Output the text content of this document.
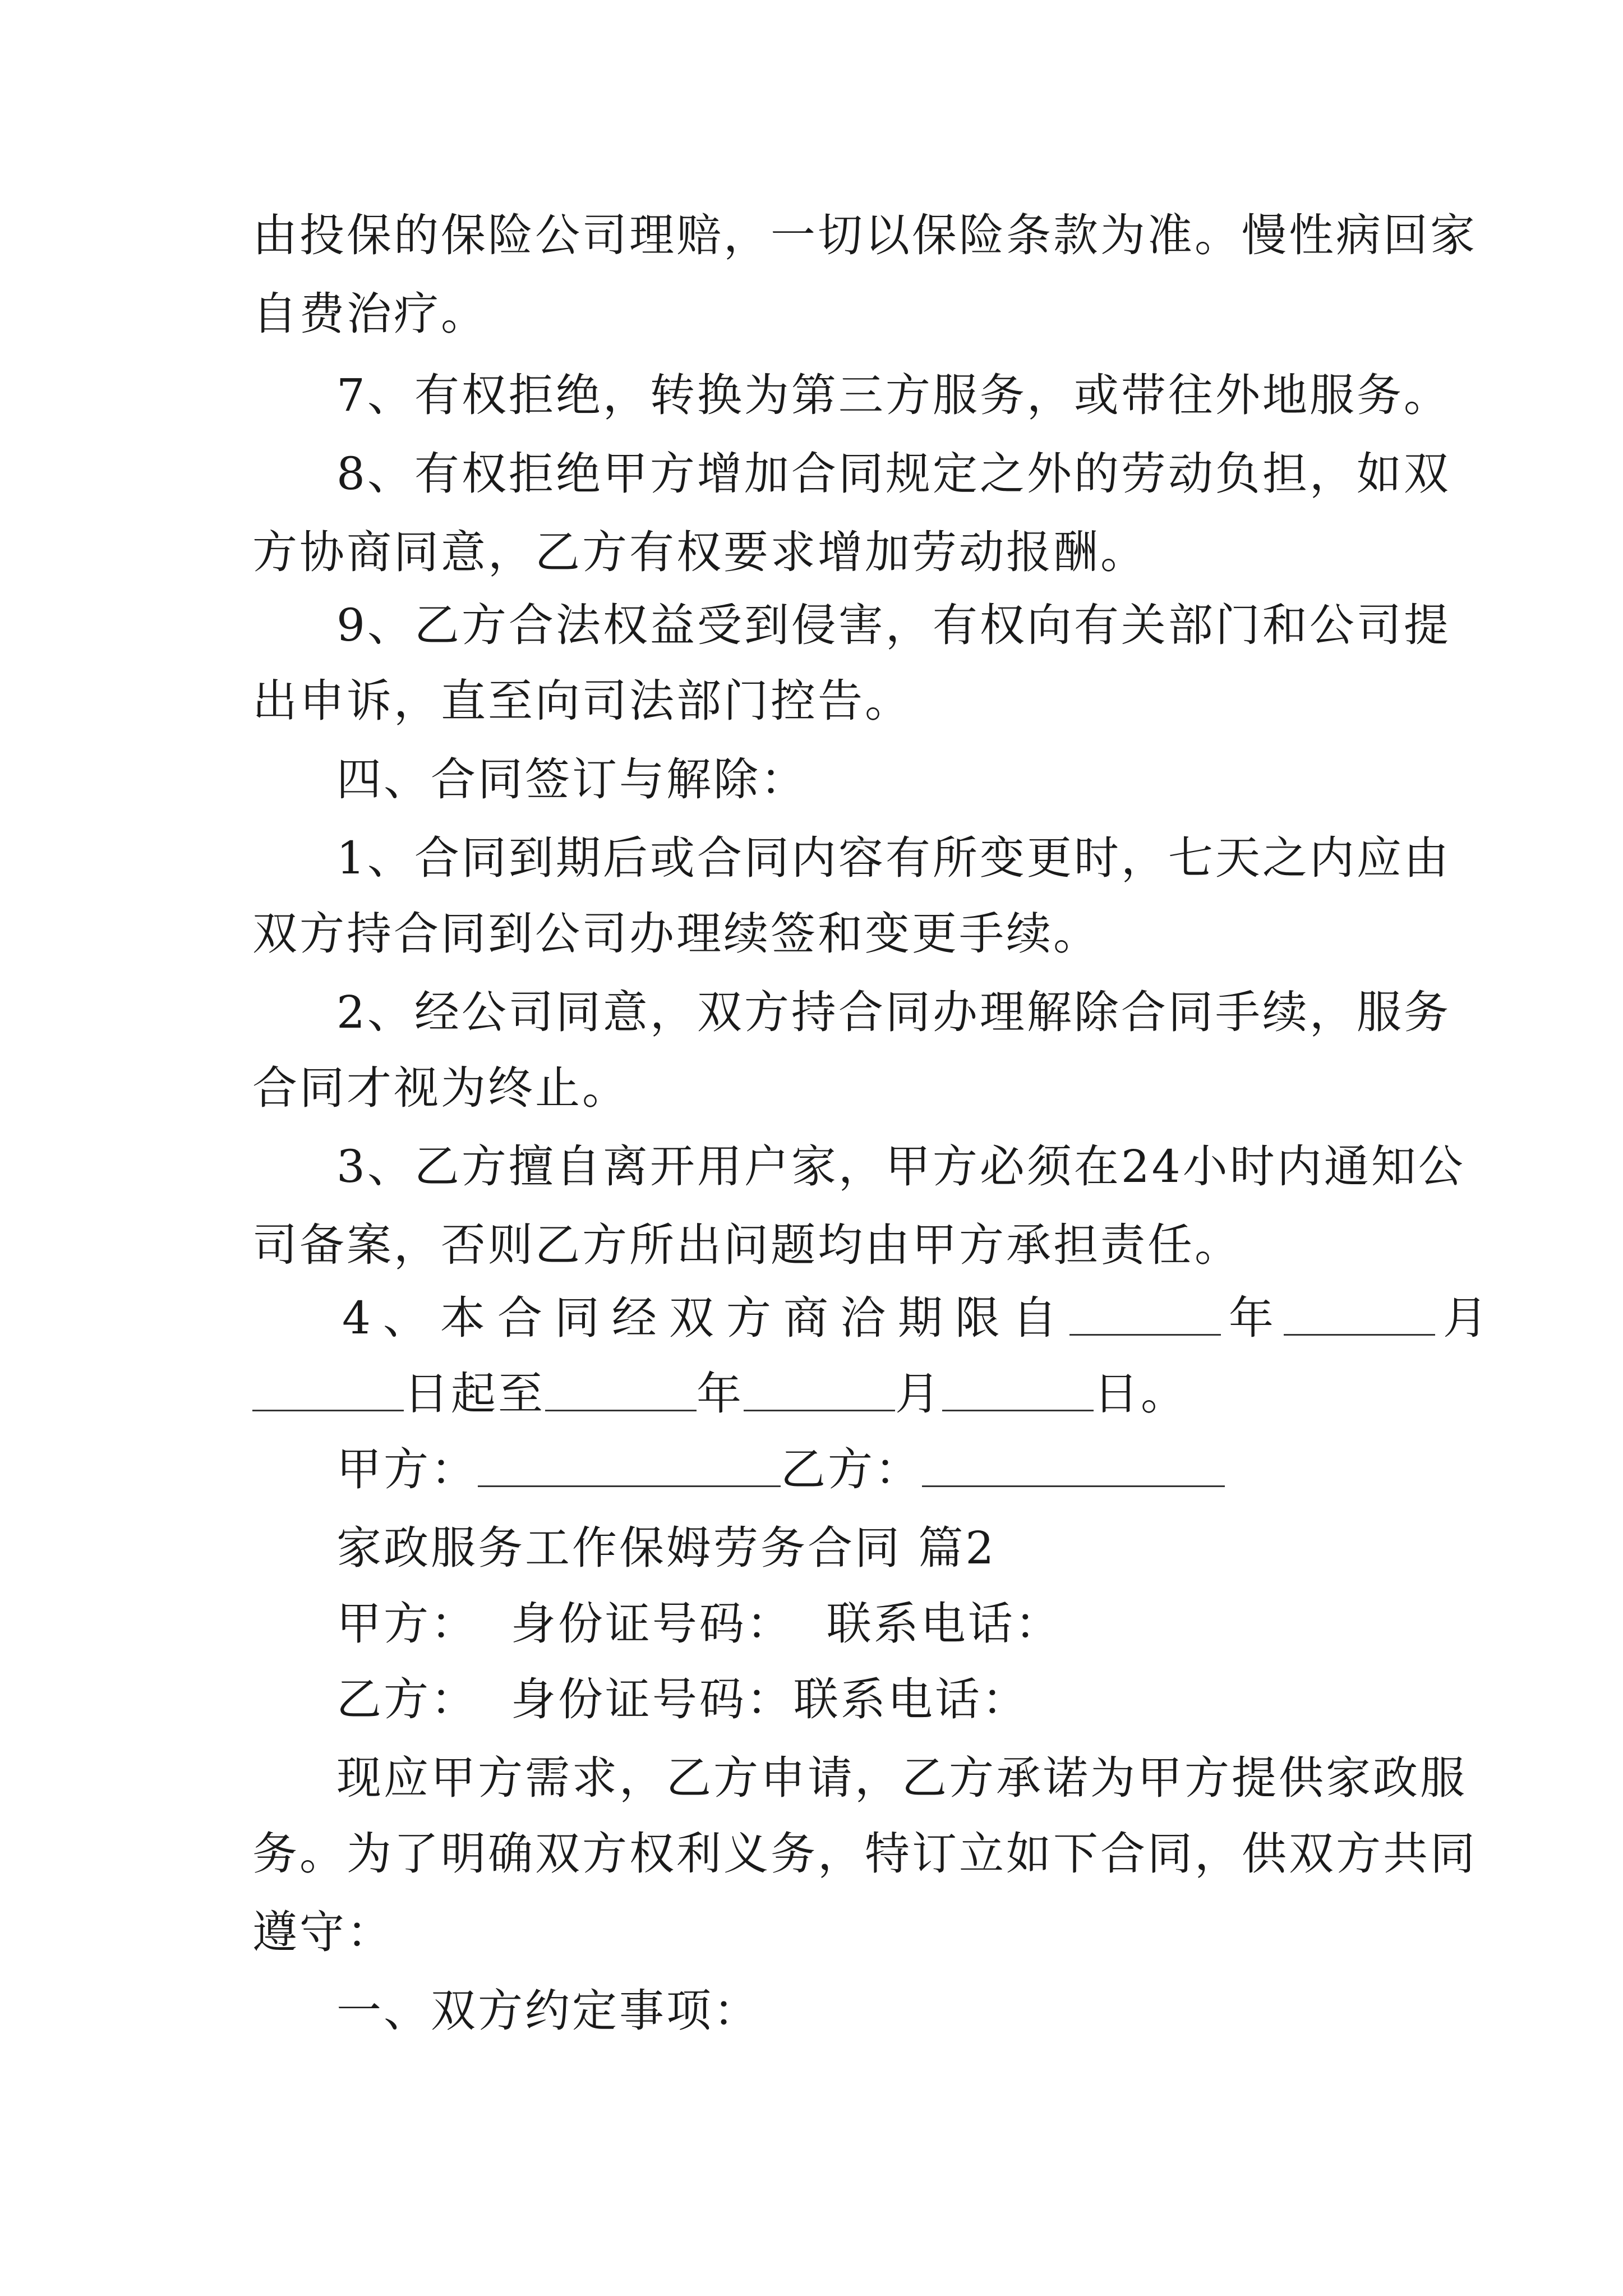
由投保的保险公司理赔，一切以保险条款为准。慢性病回家
自费治疗。
7、有权拒绝，转换为第三方服务，或带往外地服务。
8、有权拒绝甲方增加合同规定之外的劳动负担，如双
方协商同意，乙方有权要求增加劳动报酬。
9、乙方合法权益受到侵害，有权向有关部门和公司提
出申诉，直至向司法部门控告。
四、合同签订与解除：
1、合同到期后或合同内容有所变更时，七天之内应由
双方持合同到公司办理续签和变更手续。
2、经公司同意，双方持合同办理解除合同手续，服务
合同才视为终止。
3、乙方擅自离开用户家，甲方必须在24小时内通知公
司备案，否则乙方所出问题均由甲方承担责任。
4、本合同经双方商洽期限自	年	月
日起至	年	月	日。
甲方：	乙方：
家政服务工作保姆劳务合同 篇2
甲方：  身份证号码：  联系电话：
乙方：  身份证号码：联系电话：
现应甲方需求，乙方申请，乙方承诺为甲方提供家政服
务。为了明确双方权利义务，特订立如下合同，供双方共同
遵守：
一、双方约定事项：
